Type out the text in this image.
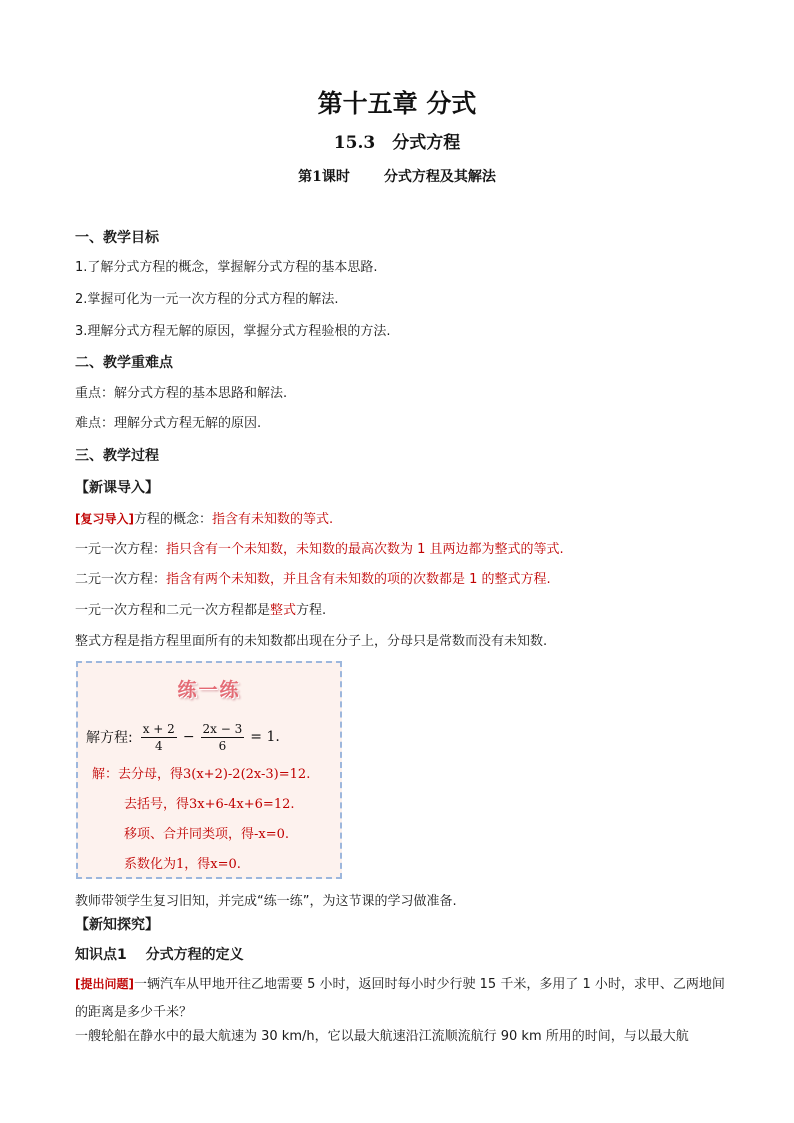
第十五章 分式
15.3　分式方程
第1课时 分式方程及其解法
一、教学目标
1.了解分式方程的概念，掌握解分式方程的基本思路.
2.掌握可化为一元一次方程的分式方程的解法.
3.理解分式方程无解的原因，掌握分式方程验根的方法.
二、教学重难点
重点：解分式方程的基本思路和解法.
难点：理解分式方程无解的原因.
三、教学过程
【新课导入】
[复习导入]方程的概念：指含有未知数的等式.
一元一次方程：指只含有一个未知数，未知数的最高次数为 1 且两边都为整式的等式.
二元一次方程：指含有两个未知数，并且含有未知数的项的次数都是 1 的整式方程.
一元一次方程和二元一次方程都是整式方程.
整式方程是指方程里面所有的未知数都出现在分子上，分母只是常数而没有未知数.
练一练
解方程: $\frac{x + 2}{4} - \frac{2x - 3}{6} = 1$.
解：去分母，得3(x+2)-2(2x-3)=12.
去括号，得3x+6-4x+6=12.
移项、合并同类项，得-x=0.
系数化为1，得x=0.
教师带领学生复习旧知，并完成“练一练”，为这节课的学习做准备.
【新知探究】
知识点1　 分式方程的定义
[提出问题]一辆汽车从甲地开往乙地需要 5 小时，返回时每小时少行驶 15 千米，多用了 1 小时，求甲、乙两地间的距离是多少千米？
一艘轮船在静水中的最大航速为 30 km/h，它以最大航速沿江流顺流航行 90 km 所用的时间，与以最大航
